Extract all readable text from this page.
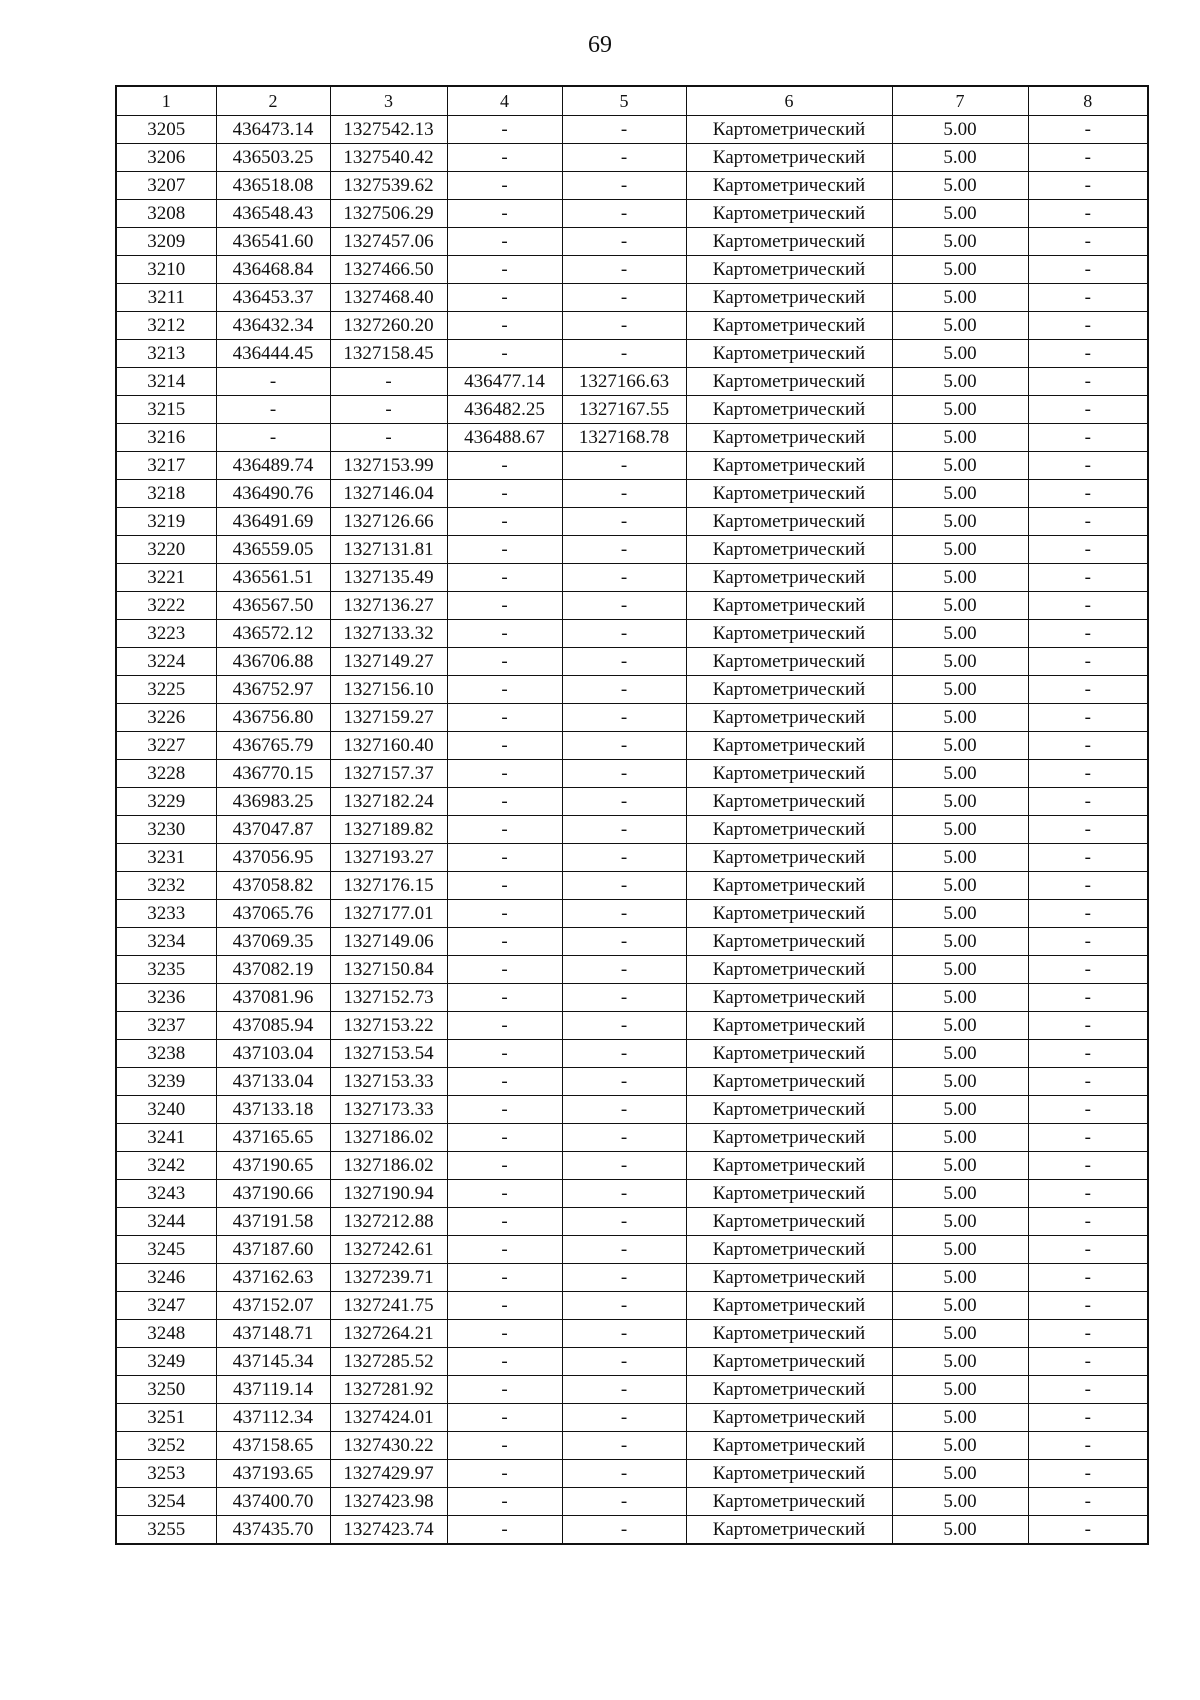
69
1	2	3	4	5	6	7	8
3205	436473.14	1327542.13	-	-	Картометрический	5.00	-
3206	436503.25	1327540.42	-	-	Картометрический	5.00	-
3207	436518.08	1327539.62	-	-	Картометрический	5.00	-
3208	436548.43	1327506.29	-	-	Картометрический	5.00	-
3209	436541.60	1327457.06	-	-	Картометрический	5.00	-
3210	436468.84	1327466.50	-	-	Картометрический	5.00	-
3211	436453.37	1327468.40	-	-	Картометрический	5.00	-
3212	436432.34	1327260.20	-	-	Картометрический	5.00	-
3213	436444.45	1327158.45	-	-	Картометрический	5.00	-
3214	-	-	436477.14	1327166.63	Картометрический	5.00	-
3215	-	-	436482.25	1327167.55	Картометрический	5.00	-
3216	-	-	436488.67	1327168.78	Картометрический	5.00	-
3217	436489.74	1327153.99	-	-	Картометрический	5.00	-
3218	436490.76	1327146.04	-	-	Картометрический	5.00	-
3219	436491.69	1327126.66	-	-	Картометрический	5.00	-
3220	436559.05	1327131.81	-	-	Картометрический	5.00	-
3221	436561.51	1327135.49	-	-	Картометрический	5.00	-
3222	436567.50	1327136.27	-	-	Картометрический	5.00	-
3223	436572.12	1327133.32	-	-	Картометрический	5.00	-
3224	436706.88	1327149.27	-	-	Картометрический	5.00	-
3225	436752.97	1327156.10	-	-	Картометрический	5.00	-
3226	436756.80	1327159.27	-	-	Картометрический	5.00	-
3227	436765.79	1327160.40	-	-	Картометрический	5.00	-
3228	436770.15	1327157.37	-	-	Картометрический	5.00	-
3229	436983.25	1327182.24	-	-	Картометрический	5.00	-
3230	437047.87	1327189.82	-	-	Картометрический	5.00	-
3231	437056.95	1327193.27	-	-	Картометрический	5.00	-
3232	437058.82	1327176.15	-	-	Картометрический	5.00	-
3233	437065.76	1327177.01	-	-	Картометрический	5.00	-
3234	437069.35	1327149.06	-	-	Картометрический	5.00	-
3235	437082.19	1327150.84	-	-	Картометрический	5.00	-
3236	437081.96	1327152.73	-	-	Картометрический	5.00	-
3237	437085.94	1327153.22	-	-	Картометрический	5.00	-
3238	437103.04	1327153.54	-	-	Картометрический	5.00	-
3239	437133.04	1327153.33	-	-	Картометрический	5.00	-
3240	437133.18	1327173.33	-	-	Картометрический	5.00	-
3241	437165.65	1327186.02	-	-	Картометрический	5.00	-
3242	437190.65	1327186.02	-	-	Картометрический	5.00	-
3243	437190.66	1327190.94	-	-	Картометрический	5.00	-
3244	437191.58	1327212.88	-	-	Картометрический	5.00	-
3245	437187.60	1327242.61	-	-	Картометрический	5.00	-
3246	437162.63	1327239.71	-	-	Картометрический	5.00	-
3247	437152.07	1327241.75	-	-	Картометрический	5.00	-
3248	437148.71	1327264.21	-	-	Картометрический	5.00	-
3249	437145.34	1327285.52	-	-	Картометрический	5.00	-
3250	437119.14	1327281.92	-	-	Картометрический	5.00	-
3251	437112.34	1327424.01	-	-	Картометрический	5.00	-
3252	437158.65	1327430.22	-	-	Картометрический	5.00	-
3253	437193.65	1327429.97	-	-	Картометрический	5.00	-
3254	437400.70	1327423.98	-	-	Картометрический	5.00	-
3255	437435.70	1327423.74	-	-	Картометрический	5.00	-
